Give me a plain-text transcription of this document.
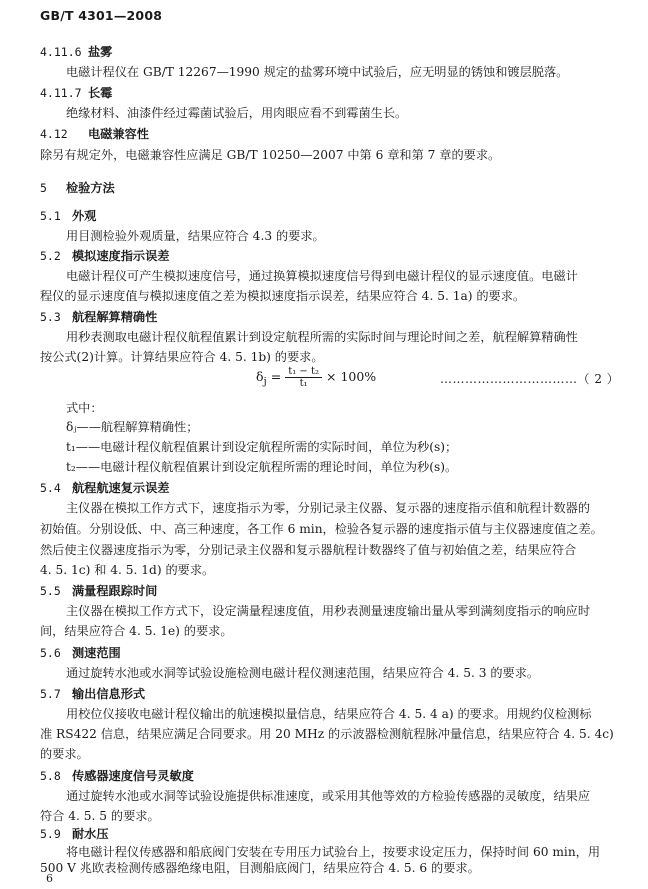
GB/T 4301—2008
4.11.6 盐雾
电磁计程仪在 GB/T 12267—1990 规定的盐雾环境中试验后，应无明显的锈蚀和镀层脱落。
4.11.7 长霉
绝缘材料、油漆件经过霉菌试验后，用肉眼应看不到霉菌生长。
4.12 电磁兼容性
除另有规定外，电磁兼容性应满足 GB/T 10250—2007 中第 6 章和第 7 章的要求。
5 检验方法
5.1 外观
用目测检验外观质量，结果应符合 4.3 的要求。
5.2 模拟速度指示误差
电磁计程仪可产生模拟速度信号，通过换算模拟速度信号得到电磁计程仪的显示速度值。电磁计
程仪的显示速度值与模拟速度值之差为模拟速度指示误差，结果应符合 4. 5. 1a) 的要求。
5.3 航程解算精确性
用秒表测取电磁计程仪航程值累计到设定航程所需的实际时间与理论时间之差，航程解算精确性
按公式(2)计算。计算结果应符合 4. 5. 1b) 的要求。
$\delta_j = \frac{\text{t₁ − t₂}}{\text{t₁}} \times 100\%$	……………………………（ 2 ）
式中：
δⱼ——航程解算精确性；
t₁——电磁计程仪航程值累计到设定航程所需的实际时间，单位为秒(s)；
t₂——电磁计程仪航程值累计到设定航程所需的理论时间，单位为秒(s)。
5.4 航程航速复示误差
主仪器在模拟工作方式下，速度指示为零，分别记录主仪器、复示器的速度指示值和航程计数器的
初始值。分别设低、中、高三种速度，各工作 6 min，检验各复示器的速度指示值与主仪器速度值之差。
然后使主仪器速度指示为零，分别记录主仪器和复示器航程计数器终了值与初始值之差，结果应符合
4. 5. 1c) 和 4. 5. 1d) 的要求。
5.5 满量程跟踪时间
主仪器在模拟工作方式下，设定满量程速度值，用秒表测量速度输出量从零到满刻度指示的响应时
间，结果应符合 4. 5. 1e) 的要求。
5.6 测速范围
通过旋转水池或水洞等试验设施检测电磁计程仪测速范围，结果应符合 4. 5. 3 的要求。
5.7 输出信息形式
用校位仪接收电磁计程仪输出的航速模拟量信息，结果应符合 4. 5. 4 a) 的要求。用规约仪检测标
准 RS422 信息，结果应满足合同要求。用 20 MHz 的示波器检测航程脉冲量信息，结果应符合 4. 5. 4c)
的要求。
5.8 传感器速度信号灵敏度
通过旋转水池或水洞等试验设施提供标准速度，或采用其他等效的方检验传感器的灵敏度，结果应
符合 4. 5. 5 的要求。
5.9 耐水压
将电磁计程仪传感器和船底阀门安装在专用压力试验台上，按要求设定压力，保持时间 60 min，用
500 V 兆欧表检测传感器绝缘电阻，目测船底阀门，结果应符合 4. 5. 6 的要求。
6
